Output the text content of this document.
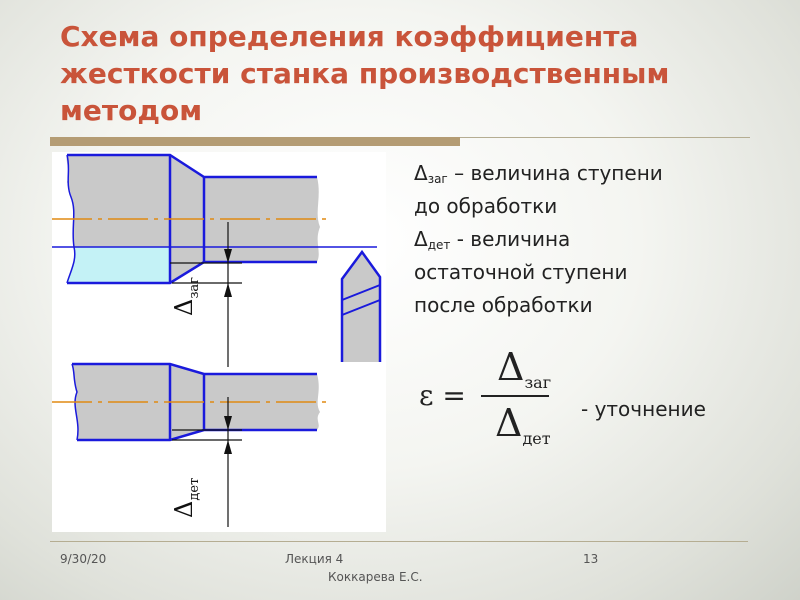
Схема определения коэффициента
жесткости станка производственным
методом
$\Delta_{заг}$
$\Delta_{дет}$
$\Delta_{заг}$ – величина ступени
до обработки
$\Delta_{дет}$ - величина
остаточной ступени
после обработки
ε =
$\Delta_{заг}$
$\Delta_{дет}$
- уточнение
9/30/20	Лекция 4	13
Коккарева Е.С.
